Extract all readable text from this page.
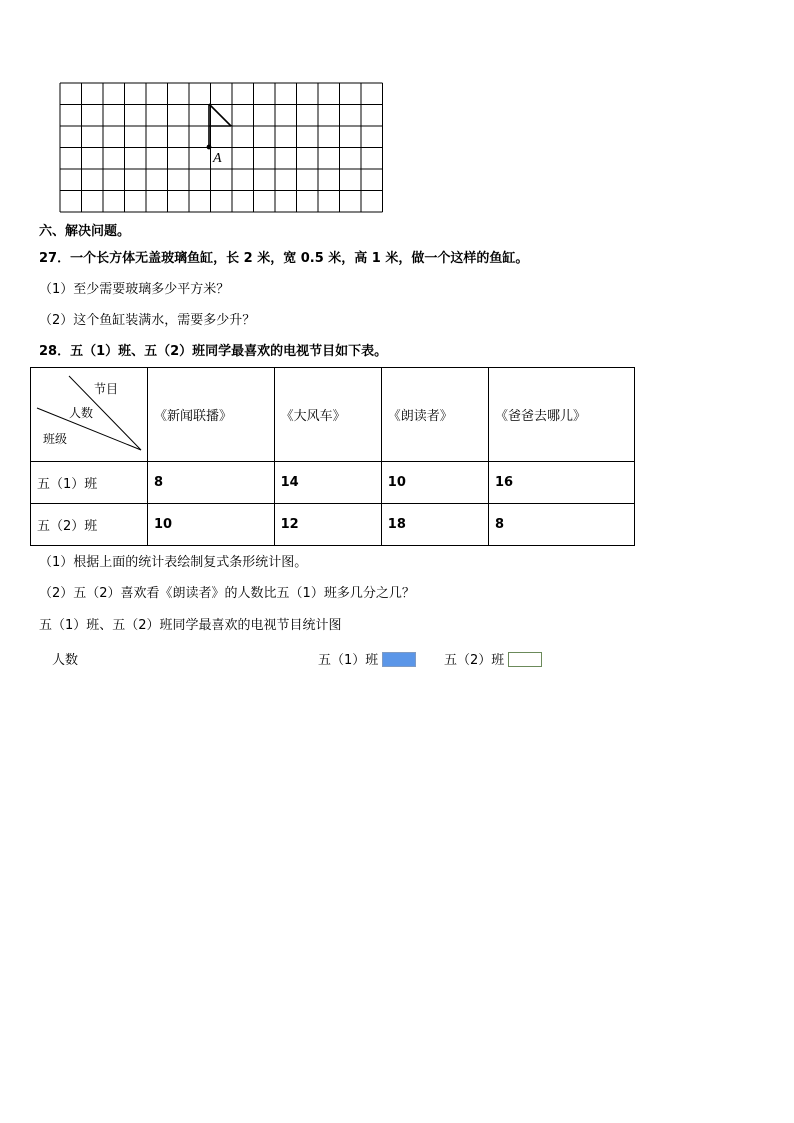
A
六、解决问题。
27．一个长方体无盖玻璃鱼缸，长 2 米，宽 0.5 米，高 1 米，做一个这样的鱼缸。
（1）至少需要玻璃多少平方米？
（2）这个鱼缸装满水，需要多少升？
28．五（1）班、五（2）班同学最喜欢的电视节目如下表。
节目
人数
班级	《新闻联播》	《大风车》	《朗读者》	《爸爸去哪儿》
五（1）班	8	14	10	16
五（2）班	10	12	18	8
（1）根据上面的统计表绘制复式条形统计图。
（2）五（2）喜欢看《朗读者》的人数比五（1）班多几分之几？
五（1）班、五（2）班同学最喜欢的电视节目统计图
人数	五（1）班	五（2）班
